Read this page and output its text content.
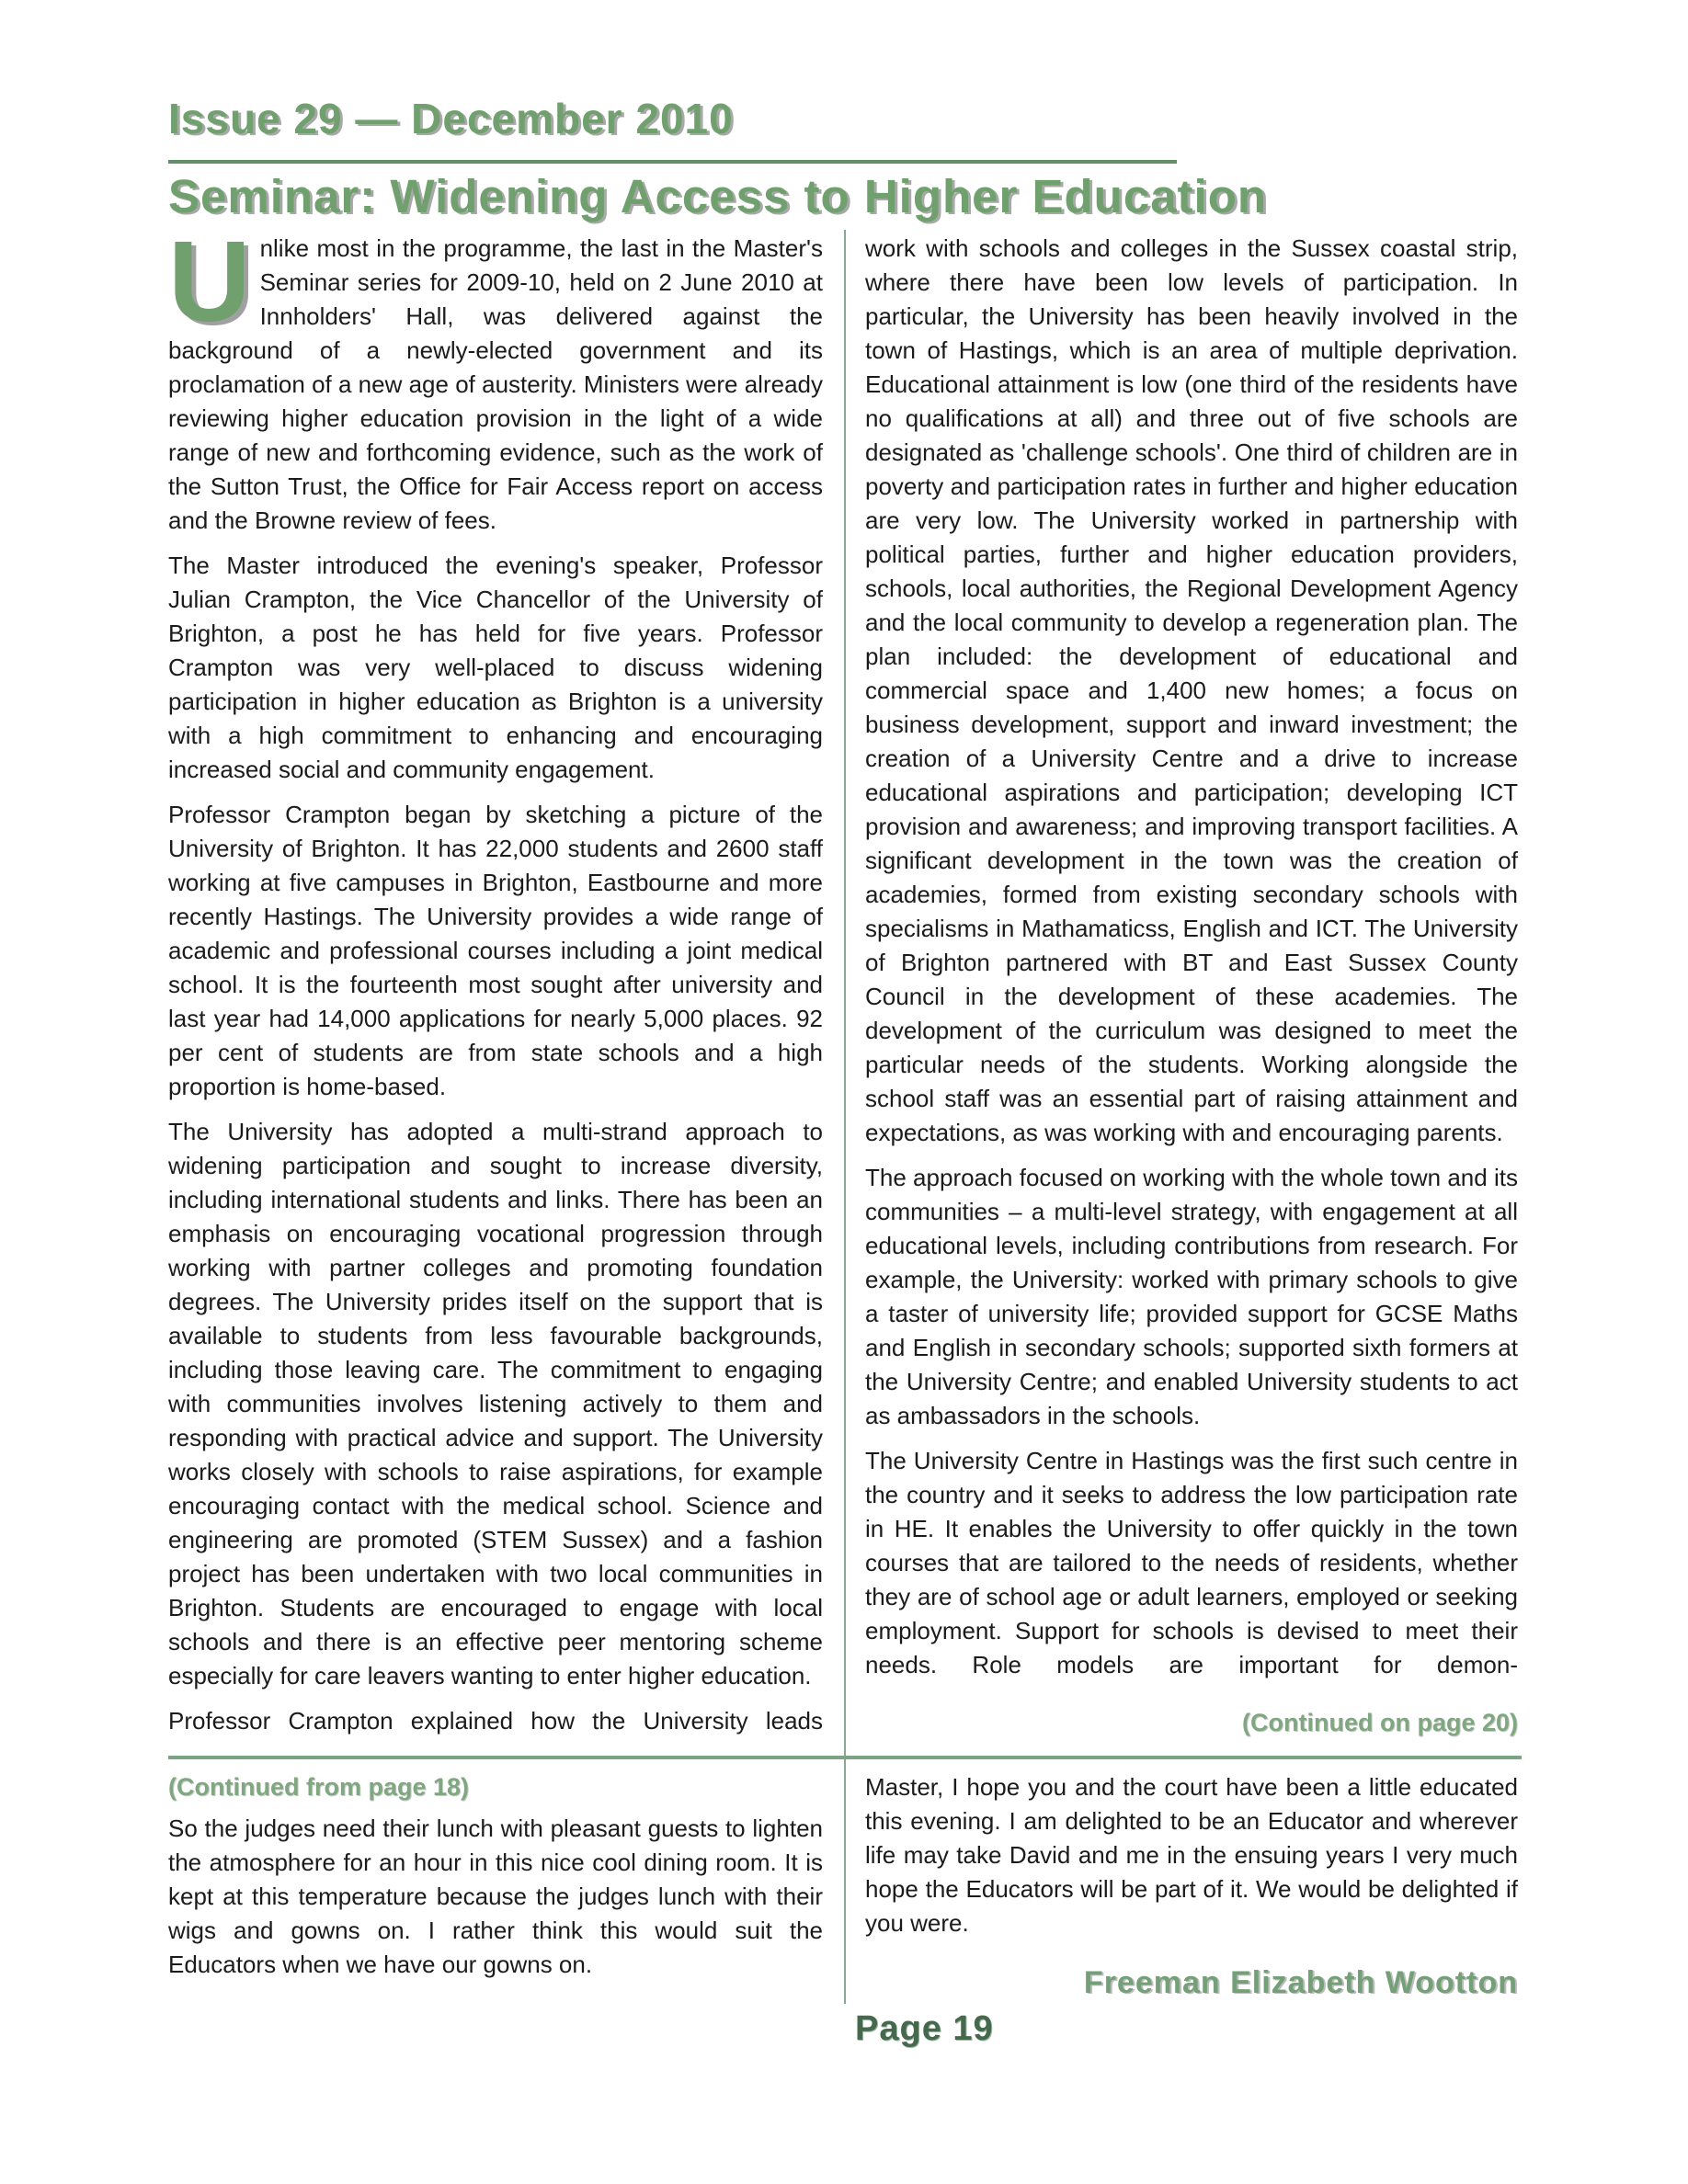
Issue 29 — December 2010
Seminar: Widening Access to Higher Education

Unlike most in the programme, the last in the Master's Seminar series for 2009-10, held on 2 June 2010 at Innholders' Hall, was delivered against the background of a newly-elected government and its proclamation of a new age of austerity. Ministers were already reviewing higher education provision in the light of a wide range of new and forthcoming evidence, such as the work of the Sutton Trust, the Office for Fair Access report on access and the Browne review of fees.

The Master introduced the evening's speaker, Professor Julian Crampton, the Vice Chancellor of the University of Brighton, a post he has held for five years. Professor Crampton was very well-placed to discuss widening participation in higher education as Brighton is a university with a high commitment to enhancing and encouraging increased social and community engagement.

Professor Crampton began by sketching a picture of the University of Brighton. It has 22,000 students and 2600 staff working at five campuses in Brighton, Eastbourne and more recently Hastings. The University provides a wide range of academic and professional courses including a joint medical school. It is the fourteenth most sought after university and last year had 14,000 applications for nearly 5,000 places. 92 per cent of students are from state schools and a high proportion is home-based.

The University has adopted a multi-strand approach to widening participation and sought to increase diversity, including international students and links. There has been an emphasis on encouraging vocational progression through working with partner colleges and promoting foundation degrees. The University prides itself on the support that is available to students from less favourable backgrounds, including those leaving care. The commitment to engaging with communities involves listening actively to them and responding with practical advice and support. The University works closely with schools to raise aspirations, for example encouraging contact with the medical school. Science and engineering are promoted (STEM Sussex) and a fashion project has been undertaken with two local communities in Brighton. Students are encouraged to engage with local schools and there is an effective peer mentoring scheme especially for care leavers wanting to enter higher education.

Professor Crampton explained how the University leads

work with schools and colleges in the Sussex coastal strip, where there have been low levels of participation. In particular, the University has been heavily involved in the town of Hastings, which is an area of multiple deprivation. Educational attainment is low (one third of the residents have no qualifications at all) and three out of five schools are designated as 'challenge schools'. One third of children are in poverty and participation rates in further and higher education are very low. The University worked in partnership with political parties, further and higher education providers, schools, local authorities, the Regional Development Agency and the local community to develop a regeneration plan. The plan included: the development of educational and commercial space and 1,400 new homes; a focus on business development, support and inward investment; the creation of a University Centre and a drive to increase educational aspirations and participation; developing ICT provision and awareness; and improving transport facilities. A significant development in the town was the creation of academies, formed from existing secondary schools with specialisms in Mathamaticss, English and ICT. The University of Brighton partnered with BT and East Sussex County Council in the development of these academies. The development of the curriculum was designed to meet the particular needs of the students. Working alongside the school staff was an essential part of raising attainment and expectations, as was working with and encouraging parents.

The approach focused on working with the whole town and its communities – a multi-level strategy, with engagement at all educational levels, including contributions from research. For example, the University: worked with primary schools to give a taster of university life; provided support for GCSE Maths and English in secondary schools; supported sixth formers at the University Centre; and enabled University students to act as ambassadors in the schools.

The University Centre in Hastings was the first such centre in the country and it seeks to address the low participation rate in HE. It enables the University to offer quickly in the town courses that are tailored to the needs of residents, whether they are of school age or adult learners, employed or seeking employment. Support for schools is devised to meet their needs. Role models are important for demon-

(Continued on page 20)
(Continued from page 18)

So the judges need their lunch with pleasant guests to lighten the atmosphere for an hour in this nice cool dining room. It is kept at this temperature because the judges lunch with their wigs and gowns on. I rather think this would suit the Educators when we have our gowns on.

Master, I hope you and the court have been a little educated this evening. I am delighted to be an Educator and wherever life may take David and me in the ensuing years I very much hope the Educators will be part of it. We would be delighted if you were.

Freeman Elizabeth Wootton
Page 19
